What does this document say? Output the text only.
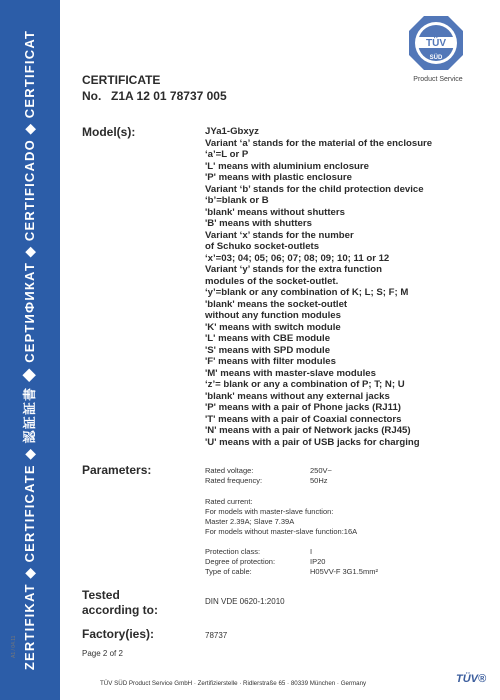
ZERTIFIKAT ◆ CERTIFICATE ◆ 認証証書 ◆ СЕРТИФИКАТ ◆ CERTIFICADO ◆ CERTIFICAT
A1 / 04.11
TÜV
SÜD
Product Service
CERTIFICATE
No. Z1A 12 01 78737 005
Model(s):	JYa1-Gbxyz
Variant ‘a’ stands for the material of the enclosure
‘a’=L or P
'L' means with aluminium enclosure
'P' means with plastic enclosure
Variant ‘b’ stands for the child protection device
‘b’=blank or B
'blank' means without shutters
'B' means with shutters
Variant ‘x’ stands for the number
of Schuko socket-outlets
‘x’=03; 04; 05; 06; 07; 08; 09; 10; 11 or 12
Variant ‘y’ stands for the extra function
modules of the socket-outlet.
‘y’=blank or any combination of K; L; S; F; M
'blank' means the socket-outlet
without any function modules
'K' means with switch module
'L' means with CBE module
'S' means with SPD module
'F' means with filter modules
'M' means with master-slave modules
‘z’= blank or any a combination of P; T; N; U
'blank' means without any external jacks
'P' means with a pair of Phone jacks (RJ11)
'T' means with a pair of Coaxial connectors
'N' means with a pair of Network jacks (RJ45)
'U' means with a pair of USB jacks for charging
Parameters:	Rated voltage:	250V~
Rated frequency:	50Hz
Rated current:
For models with master-slave function:
Master 2.39A; Slave 7.39A
For models without master-slave function:16A
Protection class:	I
Degree of protection:	IP20
Type of cable:	H05VV-F 3G1.5mm²
Tested
according to:
DIN VDE 0620-1:2010
Factory(ies):	78737
Page 2 of 2
TÜV SÜD Product Service GmbH · Zertifizierstelle · Ridlerstraße 65 · 80339 München · Germany	TÜV®
